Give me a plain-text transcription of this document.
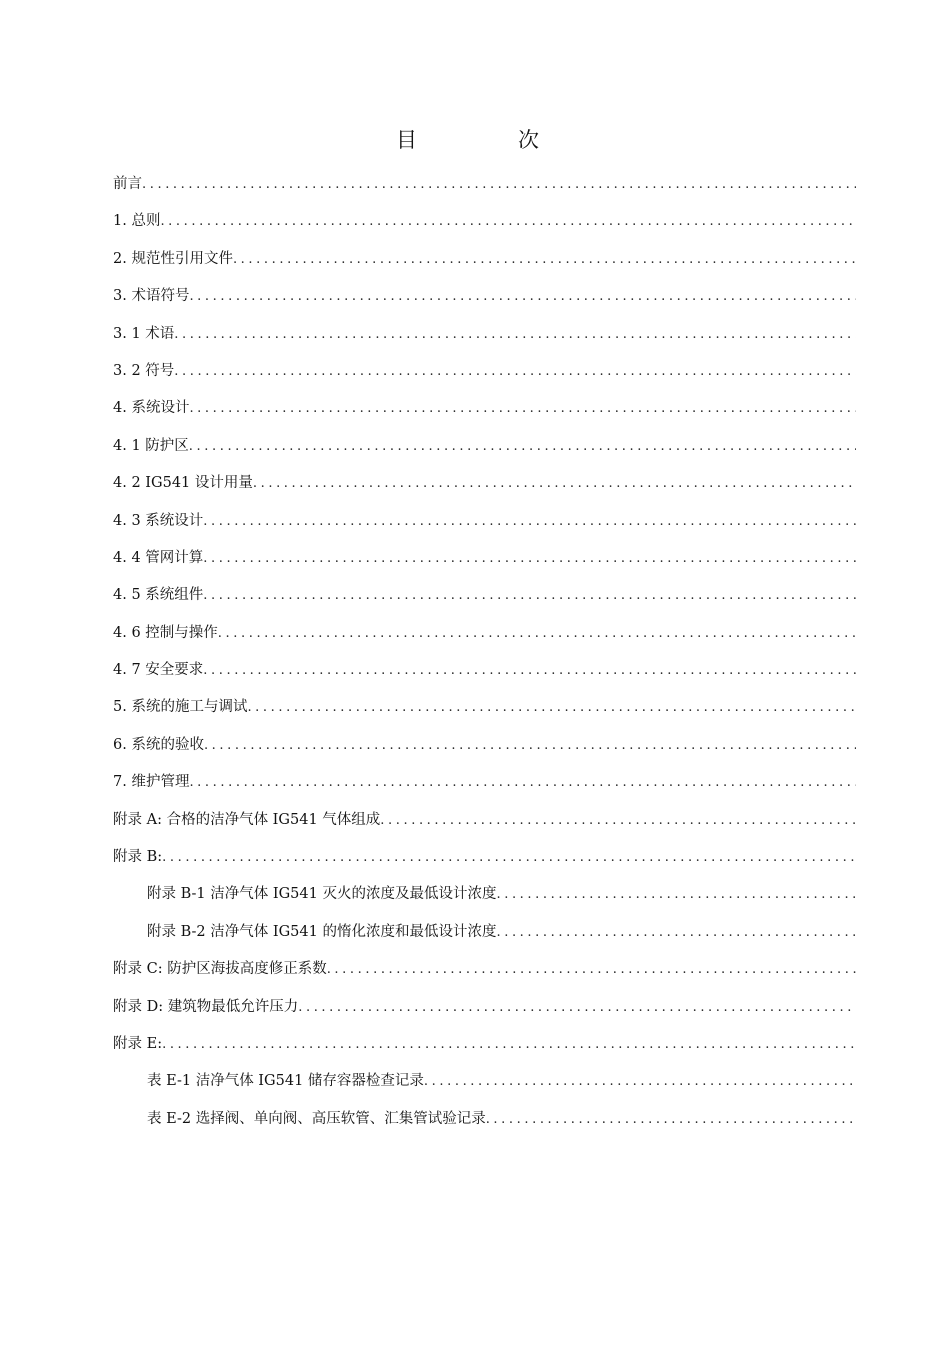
目　次
前言
.....
1. 总则
.....
2. 规范性引用文件
.....
3. 术语符号
.....
3. 1 术语
.....
3. 2 符号
.....
4. 系统设计
.....
4. 1 防护区
.....
4. 2 IG541 设计用量
.....
4. 3 系统设计
.....
4. 4 管网计算
.....
4. 5 系统组件
.....
4. 6 控制与操作
.....
4. 7 安全要求
.....
5. 系统的施工与调试
.....
6. 系统的验收
.....
7. 维护管理
.....
附录 A: 合格的洁净气体 IG541 气体组成
.....
附录 B:
.....
附录 B-1 洁净气体 IG541 灭火的浓度及最低设计浓度
.....
附录 B-2 洁净气体 IG541 的惰化浓度和最低设计浓度
.....
附录 C: 防护区海拔高度修正系数
.....
附录 D: 建筑物最低允许压力
.....
附录 E:
.....
表 E-1 洁净气体 IG541 储存容器检查记录
.....
表 E-2 选择阀、单向阀、高压软管、汇集管试验记录
.....
